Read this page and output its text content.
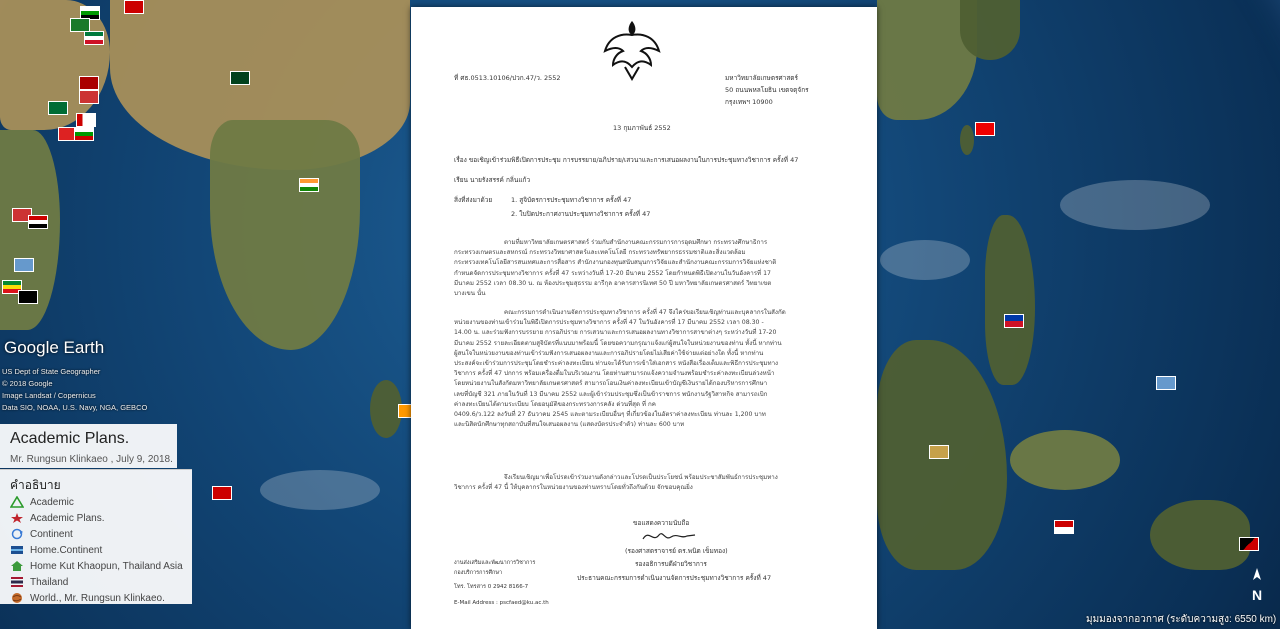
Google Earth
US Dept of State Geographer
© 2018 Google
Image Landsat / Copernicus
Data SIO, NOAA, U.S. Navy, NGA, GEBCO
Academic Plans.
Mr. Rungsun Klinkaeo , July 9, 2018.
คำอธิบาย
Academic
Academic Plans.
Continent
Home.Continent
Home Kut Khaopun, Thailand Asia
Thailand
World., Mr. Rungsun Klinkaeo.
ที่ ศธ.0513.10106/ปวก.47/ว. 2552	มหาวิทยาลัยเกษตรศาสตร์
50 ถนนพหลโยธิน เขตจตุจักร
กรุงเทพฯ 10900
13 กุมภาพันธ์ 2552
เรื่อง ขอเชิญเข้าร่วมพิธีเปิดการประชุม การบรรยาย/อภิปราย/เสวนาและการเสนอผลงานในการประชุมทางวิชาการ ครั้งที่ 47
เรียน นายรังสรรค์ กลิ่นแก้ว
สิ่งที่ส่งมาด้วย	1. สูจิบัตรการประชุมทางวิชาการ ครั้งที่ 47
2. ใบปิดประกาศงานประชุมทางวิชาการ ครั้งที่ 47
ตามที่มหาวิทยาลัยเกษตรศาสตร์ ร่วมกับสำนักงานคณะกรรมการการอุดมศึกษา กระทรวงศึกษาธิการ
กระทรวงเกษตรและสหกรณ์ กระทรวงวิทยาศาสตร์และเทคโนโลยี กระทรวงทรัพยากรธรรมชาติและสิ่งแวดล้อม
กระทรวงเทคโนโลยีสารสนเทศและการสื่อสาร สำนักงานกองทุนสนับสนุนการวิจัยและสำนักงานคณะกรรมการวิจัยแห่งชาติ
กำหนดจัดการประชุมทางวิชาการ ครั้งที่ 47 ระหว่างวันที่ 17-20 มีนาคม 2552 โดยกำหนดพิธีเปิดงานในวันอังคารที่ 17
มีนาคม 2552 เวลา 08.30 น. ณ ห้องประชุมสุธรรม อารีกุล อาคารสารนิเทศ 50 ปี มหาวิทยาลัยเกษตรศาสตร์ วิทยาเขต
บางเขน นั้น
คณะกรรมการดำเนินงานจัดการประชุมทางวิชาการ ครั้งที่ 47 จึงใคร่ขอเรียนเชิญท่านและบุคลากรในสังกัด
หน่วยงานของท่านเข้าร่วมในพิธีเปิดการประชุมทางวิชาการ ครั้งที่ 47 ในวันอังคารที่ 17 มีนาคม 2552 เวลา 08.30 -
14.00 น. และร่วมฟังการบรรยาย การอภิปราย การเสวนาและการเสนอผลงานทางวิชาการสาขาต่างๆ ระหว่างวันที่ 17-20
มีนาคม 2552 รายละเอียดตามสูจิบัตรที่แนบมาพร้อมนี้ โดยขอความกรุณาแจ้งแก่ผู้สนใจในหน่วยงานของท่าน ทั้งนี้ หากท่าน
ผู้สนใจในหน่วยงานของท่านเข้าร่วมฟังการเสนอผลงานและการอภิปรายโดยไม่เสียค่าใช้จ่ายแต่อย่างใด ทั้งนี้ หากท่าน
ประสงค์จะเข้าร่วมการประชุมโดยชำระค่าลงทะเบียน ท่านจะได้รับการเข้าใส่เอกสาร หนังสือเรื่องเต็มและพิธีการประชุมทาง
วิชาการ ครั้งที่ 47 ปกการ พร้อมเครื่องดื่มในบริเวณงาน โดยท่านสามารถแจ้งความจำนงพร้อมชำระค่าลงทะเบียนล่วงหน้า
โดยหน่วยงานในสังกัดมหาวิทยาลัยเกษตรศาสตร์ สามารถโอนเงินค่าลงทะเบียนเข้าบัญชีเงินรายได้กองบริหารการศึกษา
เลขที่บัญชี 321 ภายในวันที่ 13 มีนาคม 2552 และผู้เข้าร่วมประชุมซึ่งเป็นข้าราชการ พนักงานรัฐวิสาหกิจ สามารถเบิก
ค่าลงทะเบียนได้ตามระเบียบ โดยอนุมัติของกระทรวงการคลัง ด่วนที่สุด ที่ กค
0409.6/ว.122 ลงวันที่ 27 ธันวาคม 2545 และตามระเบียบอื่นๆ ที่เกี่ยวข้องในอัตราค่าลงทะเบียน ท่านละ 1,200 บาท
และนิสิตนักศึกษาทุกสถาบันที่สนใจเสนอผลงาน (แสดงบัตรประจำตัว) ท่านละ 600 บาท
จึงเรียนเชิญมาเพื่อโปรดเข้าร่วมงานดังกล่าวและโปรดเป็นประโยชน์ พร้อมประชาสัมพันธ์การประชุมทาง
วิชาการ ครั้งที่ 47 นี้ ให้บุคลากรในหน่วยงานของท่านทราบโดยทั่วถึงกันด้วย จักขอบคุณยิ่ง
ขอแสดงความนับถือ
(รองศาสตราจารย์ ดร.พนิต เข็มทอง)
รองอธิการบดีฝ่ายวิชาการ
ประธานคณะกรรมการดำเนินงานจัดการประชุมทางวิชาการ ครั้งที่ 47
งานส่งเสริมและพัฒนาการวิชาการ
กองบริการการศึกษา
โทร. โทรสาร 0 2942 8166-7
E-Mail Address : pscfaed@ku.ac.th	N
มุมมองจากอวกาศ (ระดับความสูง: 6550 km)
